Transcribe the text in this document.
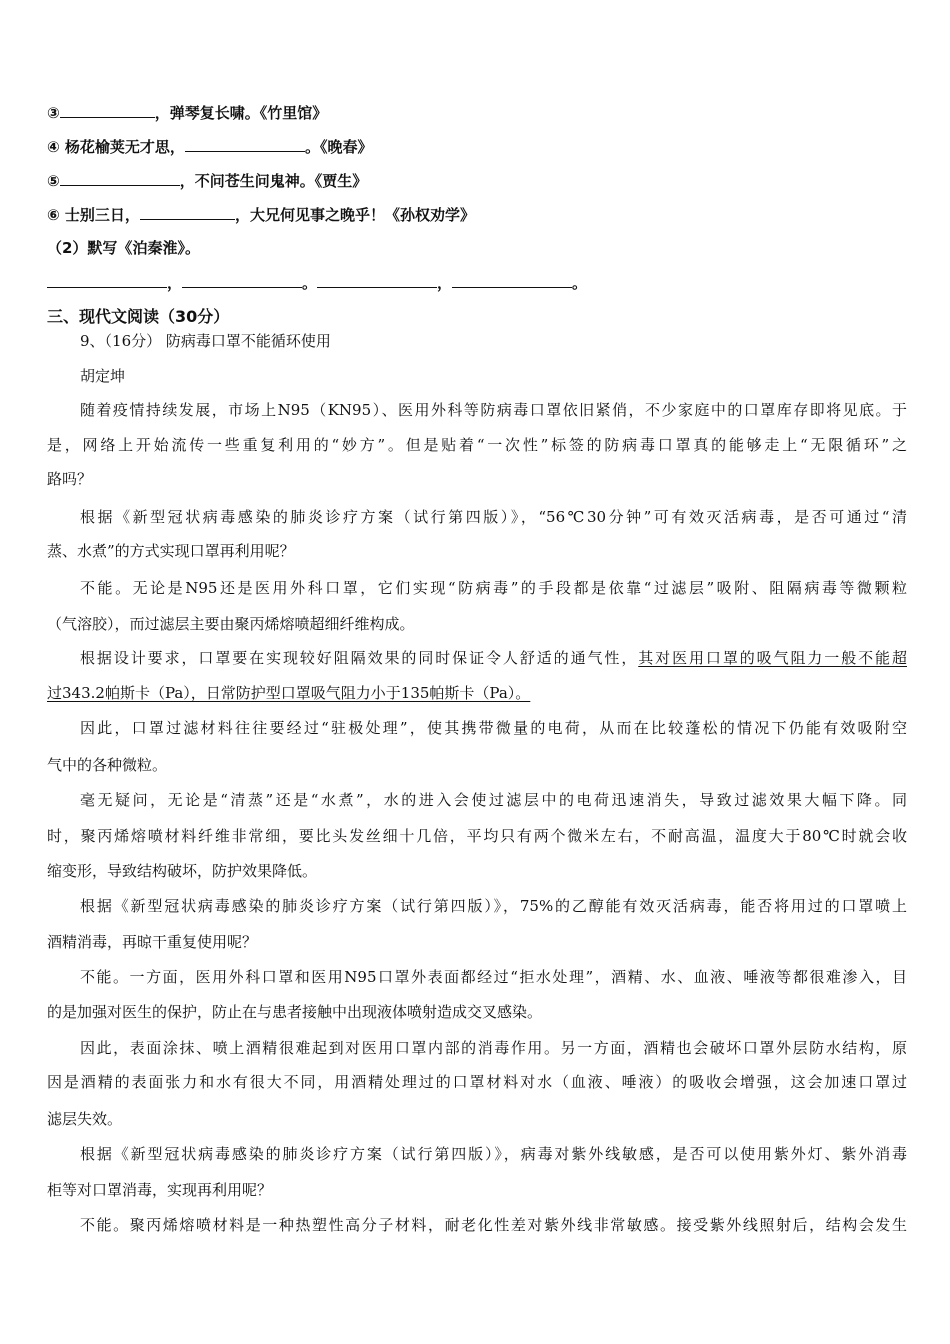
③	，弹琴复长啸。《竹里馆》
④ 杨花榆荚无才思，	。《晚春》
⑤	，不问苍生问鬼神。《贾生》
⑥ 士别三日，	，大兄何见事之晚乎！《孙权劝学》
（2）默写《泊秦淮》。
，	。	，	。
三、现代文阅读（30分）
9、（16分） 防病毒口罩不能循环使用
胡定坤
随着疫情持续发展，市场上N95（KN95）、医用外科等防病毒口罩依旧紧俏，不少家庭中的口罩库存即将见底。于
是，网络上开始流传一些重复利用的“妙方”。但是贴着“一次性”标签的防病毒口罩真的能够走上“无限循环”之
路吗？
根据《新型冠状病毒感染的肺炎诊疗方案（试行第四版）》，“56℃30分钟”可有效灭活病毒，是否可通过“清
蒸、水煮”的方式实现口罩再利用呢？
不能。无论是N95还是医用外科口罩，它们实现“防病毒”的手段都是依靠“过滤层”吸附、阻隔病毒等微颗粒
（气溶胶），而过滤层主要由聚丙烯熔喷超细纤维构成。
根据设计要求，口罩要在实现较好阻隔效果的同时保证令人舒适的通气性，其对医用口罩的吸气阻力一般不能超
过343.2帕斯卡（Pa），日常防护型口罩吸气阻力小于135帕斯卡（Pa）。
因此，口罩过滤材料往往要经过“驻极处理”，使其携带微量的电荷，从而在比较蓬松的情况下仍能有效吸附空
气中的各种微粒。
毫无疑问，无论是“清蒸”还是“水煮”，水的进入会使过滤层中的电荷迅速消失，导致过滤效果大幅下降。同
时，聚丙烯熔喷材料纤维非常细，要比头发丝细十几倍，平均只有两个微米左右，不耐高温，温度大于80℃时就会收
缩变形，导致结构破坏，防护效果降低。
根据《新型冠状病毒感染的肺炎诊疗方案（试行第四版）》，75%的乙醇能有效灭活病毒，能否将用过的口罩喷上
酒精消毒，再晾干重复使用呢？
不能。一方面，医用外科口罩和医用N95口罩外表面都经过“拒水处理”，酒精、水、血液、唾液等都很难渗入，目
的是加强对医生的保护，防止在与患者接触中出现液体喷射造成交叉感染。
因此，表面涂抹、喷上酒精很难起到对医用口罩内部的消毒作用。另一方面，酒精也会破坏口罩外层防水结构，原
因是酒精的表面张力和水有很大不同，用酒精处理过的口罩材料对水（血液、唾液）的吸收会增强，这会加速口罩过
滤层失效。
根据《新型冠状病毒感染的肺炎诊疗方案（试行第四版）》，病毒对紫外线敏感，是否可以使用紫外灯、紫外消毒
柜等对口罩消毒，实现再利用呢？
不能。聚丙烯熔喷材料是一种热塑性高分子材料，耐老化性差对紫外线非常敏感。接受紫外线照射后，结构会发生
